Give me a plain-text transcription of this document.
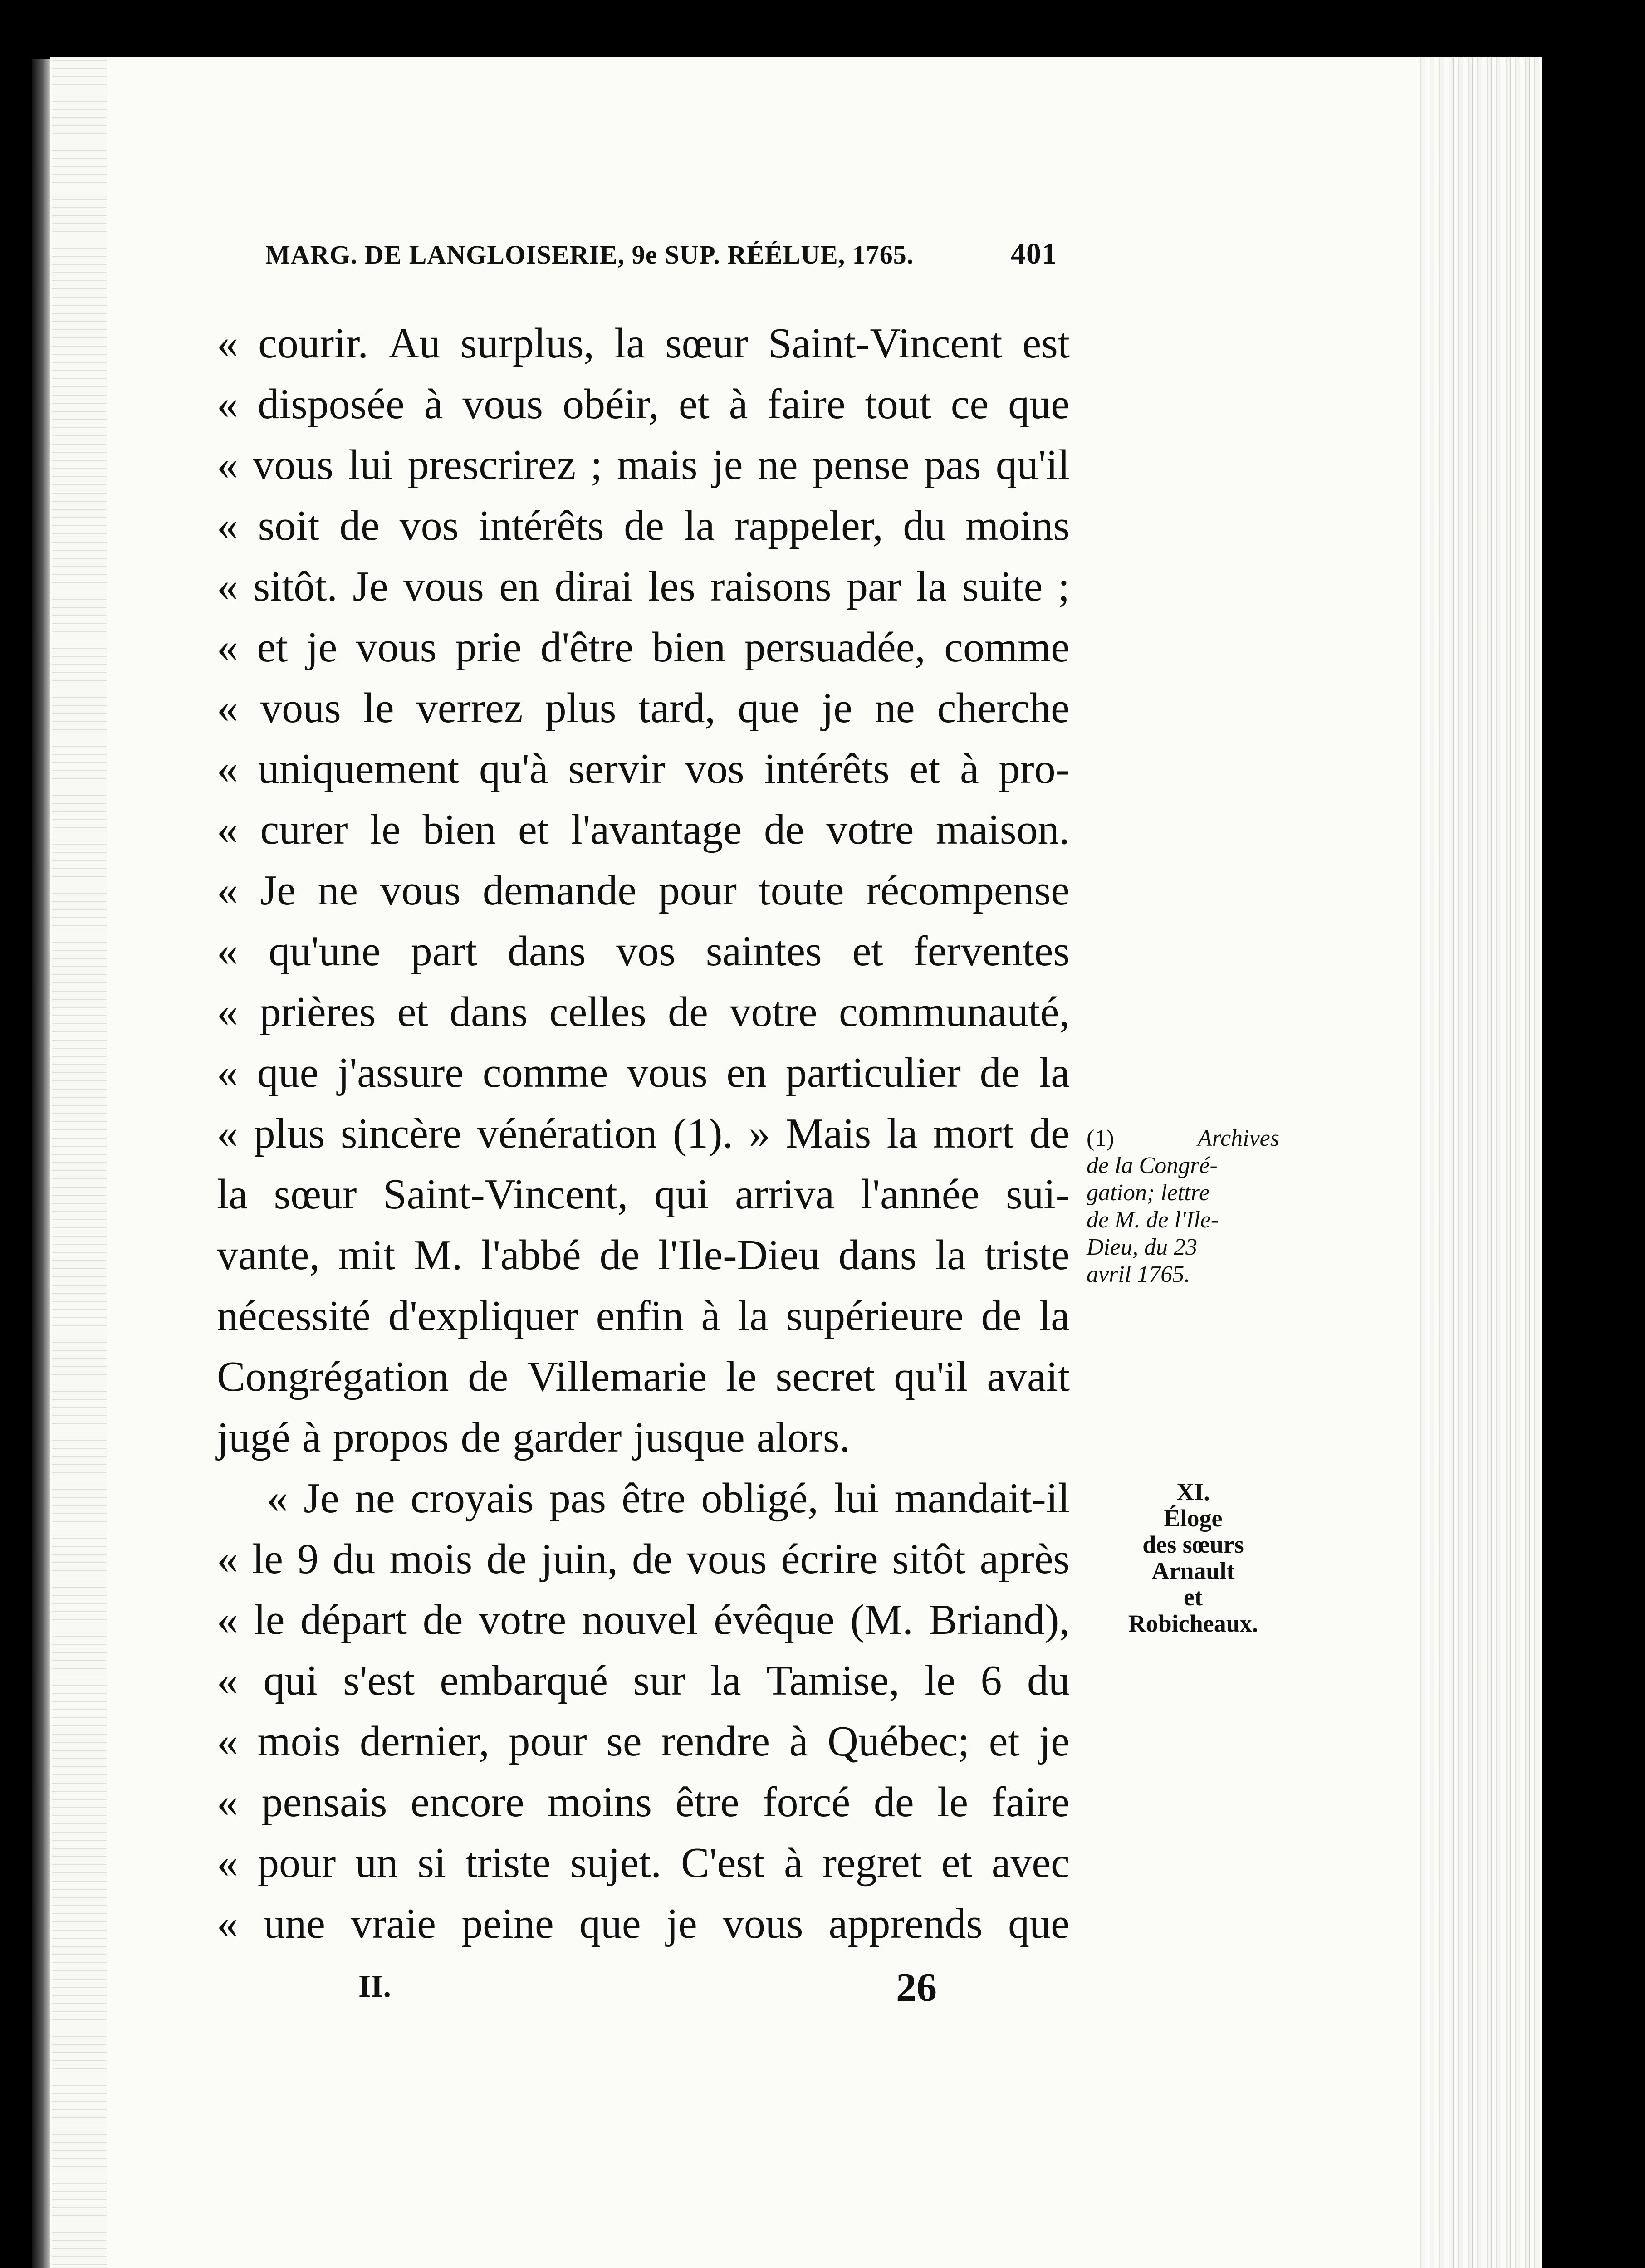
MARG. DE LANGLOISERIE, 9e SUP. RÉÉLUE, 1765.	401
« courir. Au surplus, la sœur Saint-Vincent est
« disposée à vous obéir, et à faire tout ce que
« vous lui prescrirez ; mais je ne pense pas qu'il
« soit de vos intérêts de la rappeler, du moins
« sitôt. Je vous en dirai les raisons par la suite ;
« et je vous prie d'être bien persuadée, comme
« vous le verrez plus tard, que je ne cherche
« uniquement qu'à servir vos intérêts et à pro-
« curer le bien et l'avantage de votre maison.
« Je ne vous demande pour toute récompense
« qu'une part dans vos saintes et ferventes
« prières et dans celles de votre communauté,
« que j'assure comme vous en particulier de la
« plus sincère vénération (1). » Mais la mort de
la sœur Saint-Vincent, qui arriva l'année sui-
vante, mit M. l'abbé de l'Ile-Dieu dans la triste
nécessité d'expliquer enfin à la supérieure de la
Congrégation de Villemarie le secret qu'il avait
jugé à propos de garder jusque alors.
« Je ne croyais pas être obligé, lui mandait-il
« le 9 du mois de juin, de vous écrire sitôt après
« le départ de votre nouvel évêque (M. Briand),
« qui s'est embarqué sur la Tamise, le 6 du
« mois dernier, pour se rendre à Québec; et je
« pensais encore moins être forcé de le faire
« pour un si triste sujet. C'est à regret et avec
« une vraie peine que je vous apprends que
(1)	Archives
de la Congré-
gation; lettre
de M. de l'Ile-
Dieu, du 23
avril 1765.
XI.
Éloge
des sœurs
Arnault
et
Robicheaux.
II.	26
